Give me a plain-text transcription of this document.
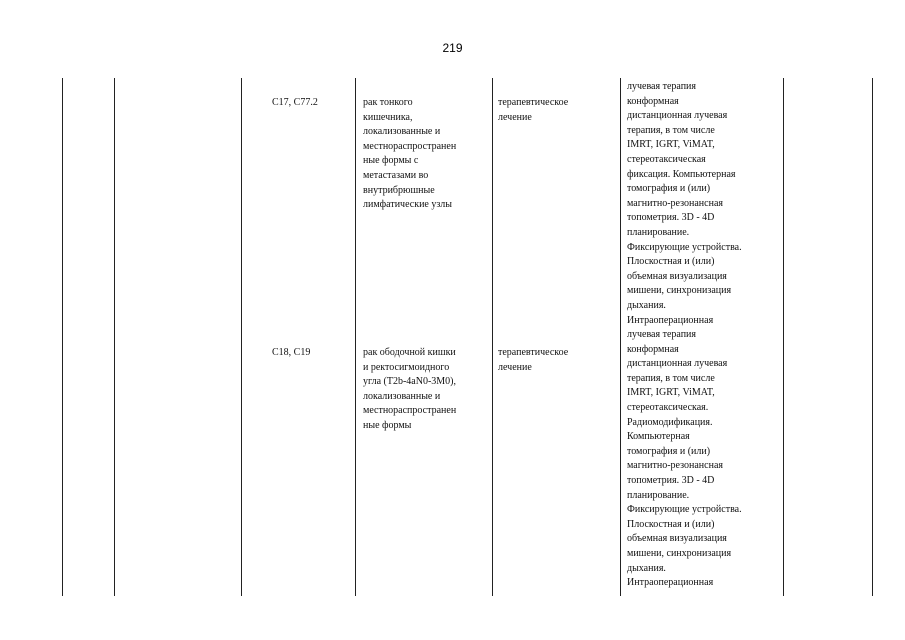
219
C17, C77.2	рак тонкого
кишечника,
локализованные и
местнораспространен
ные формы с
метастазами во
внутрибрюшные
лимфатические узлы
терапевтическое
лечение
C18, C19	рак ободочной кишки
и ректосигмоидного
угла (T2b-4aN0-3M0),
локализованные и
местнораспространен
ные формы
терапевтическое
лечение
лучевая терапия
конформная
дистанционная лучевая
терапия, в том числе
IMRT, IGRT, ViMAT,
стереотаксическая
фиксация. Компьютерная
томография и (или)
магнитно-резонансная
топометрия. 3D - 4D
планирование.
Фиксирующие устройства.
Плоскостная и (или)
объемная визуализация
мишени, синхронизация
дыхания.
Интраоперационная
лучевая терапия
конформная
дистанционная лучевая
терапия, в том числе
IMRT, IGRT, ViMAT,
стереотаксическая.
Радиомодификация.
Компьютерная
томография и (или)
магнитно-резонансная
топометрия. 3D - 4D
планирование.
Фиксирующие устройства.
Плоскостная и (или)
объемная визуализация
мишени, синхронизация
дыхания.
Интраоперационная
